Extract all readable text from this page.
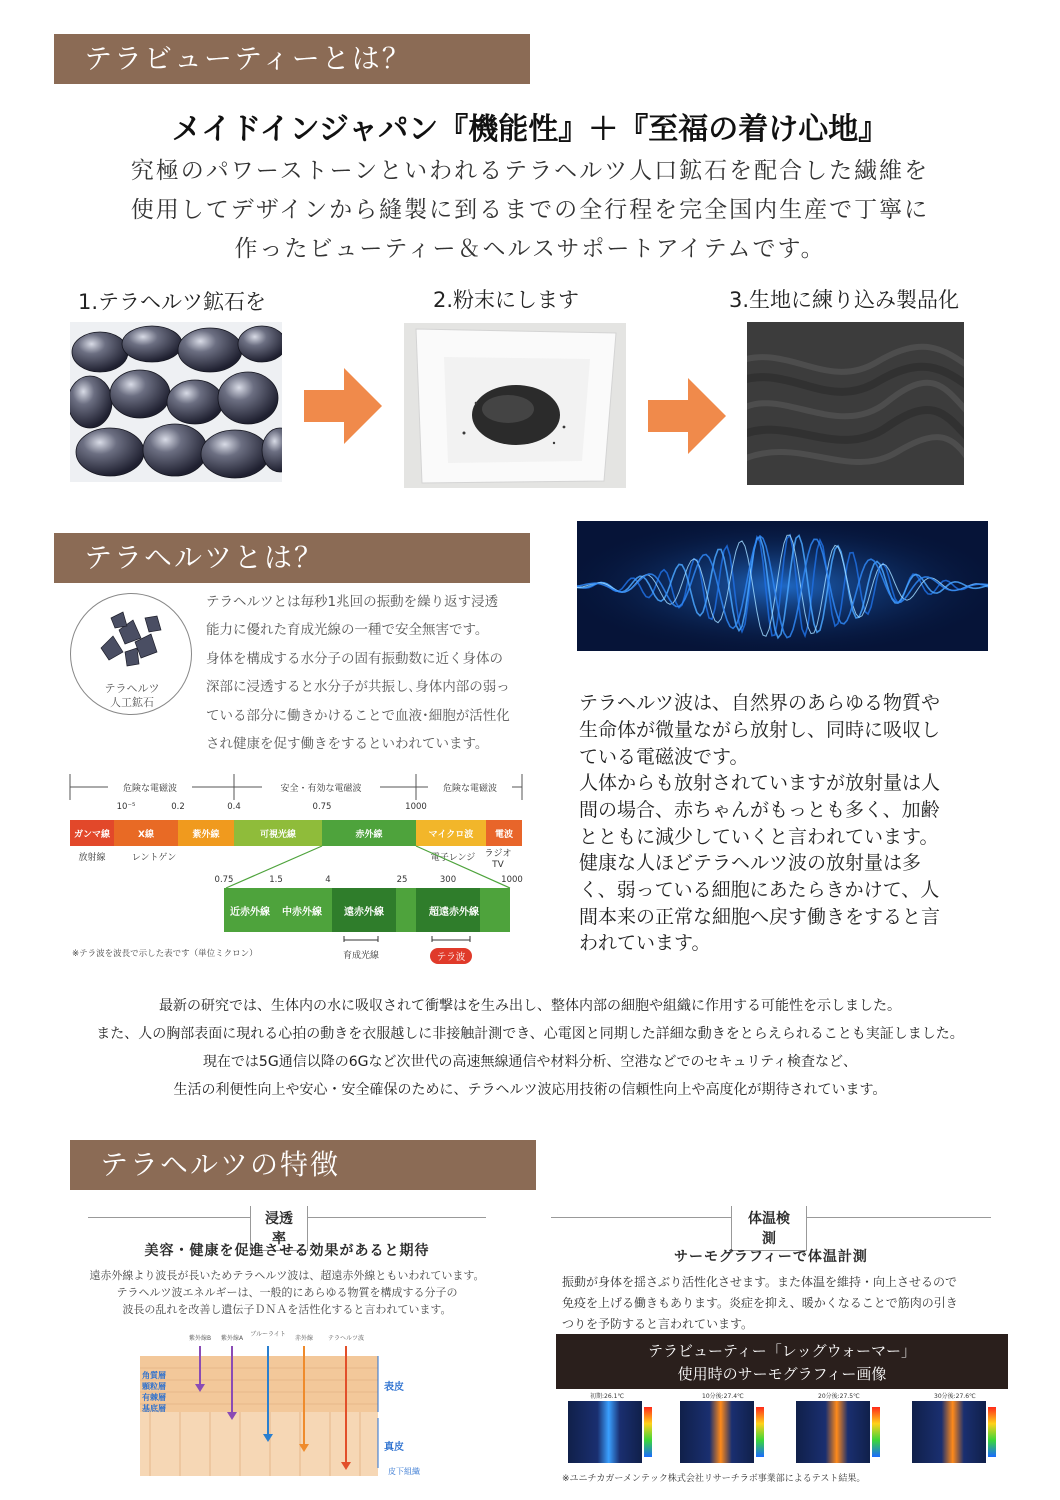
テラビューティーとは？
メイドインジャパン『機能性』＋『至福の着け心地』
究極のパワーストーンといわれるテラヘルツ人口鉱石を配合した繊維を
使用してデザインから縫製に到るまでの全行程を完全国内生産で丁寧に
作ったビューティー＆ヘルスサポートアイテムです。
1.テラヘルツ鉱石を	2.粉末にします	3.生地に練り込み製品化
テラヘルツとは？
テラヘルツ
人工鉱石
テラヘルツとは毎秒1兆回の振動を繰り返す浸透
能力に優れた育成光線の一種で安全無害です。
身体を構成する水分子の固有振動数に近く身体の
深部に浸透すると水分子が共振し､身体内部の弱っ
ている部分に働きかけることで血液･細胞が活性化
され健康を促す働きをするといわれています。
テラヘルツ波は、自然界のあらゆる物質や
生命体が微量ながら放射し、同時に吸収し
ている電磁波です。
人体からも放射されていますが放射量は人
間の場合、赤ちゃんがもっとも多く、加齢
とともに減少していくと言われています。
健康な人ほどテラヘルツ波の放射量は多
く、弱っている細胞にあたらきかけて、人
間本来の正常な細胞へ戻す働きをすると言
われています。
危険な電磁波	安全・有効な電磁波	危険な電磁波
10⁻⁵	0.2	0.4	0.75	1000
ガンマ線	X線	紫外線	可視光線	赤外線	マイクロ波 電波
放射線	レントゲン	電子レンジ ラジオ
TV
0.75	1.5	4	25	300	1000
近赤外線 中赤外線 遠赤外線	超遠赤外線
※テラ波を波長で示した表です（単位ミクロン）	育成光線	テラ波
最新の研究では、生体内の水に吸収されて衝撃はを生み出し、整体内部の細胞や組織に作用する可能性を示しました。
また、人の胸部表面に現れる心拍の動きを衣服越しに非接触計測でき、心電図と同期した詳細な動きをとらえられることも実証しました。
現在では5G通信以降の6Gなど次世代の高速無線通信や材料分析、空港などでのセキュリティ検査など、
生活の利便性向上や安心・安全確保のために、テラヘルツ波応用技術の信頼性向上や高度化が期待されています。
テラヘルツの特徴
浸透率
美容・健康を促進させる効果があると期待
遠赤外線より波長が長いためテラヘルツ波は、超遠赤外線ともいわれています。
テラヘルツ波エネルギーは、一般的にあらゆる物質を構成する分子の
波長の乱れを改善し遺伝子ＤＮＡを活性化すると言われています。
紫外線B 紫外線A
ブルーライト
赤外線 テラヘルツ波
角質層
顆粒層
有棘層
基底層
表皮
真皮
皮下組織
体温検測
サーモグラフィーで体温計測
振動が身体を揺さぶり活性化させます。また体温を維持・向上させるので
免疫を上げる働きもあります。炎症を抑え、暖かくなることで筋肉の引き
つりを予防すると言われています。
テラビューティー「レッグウォーマー」
使用時のサーモグラフィー画像
初期:26.1℃	10分後:27.4℃	20分後:27.5℃	30分後:27.6℃
※ユニチカガーメンテック株式会社リサーチラボ事業部によるテスト結果。
